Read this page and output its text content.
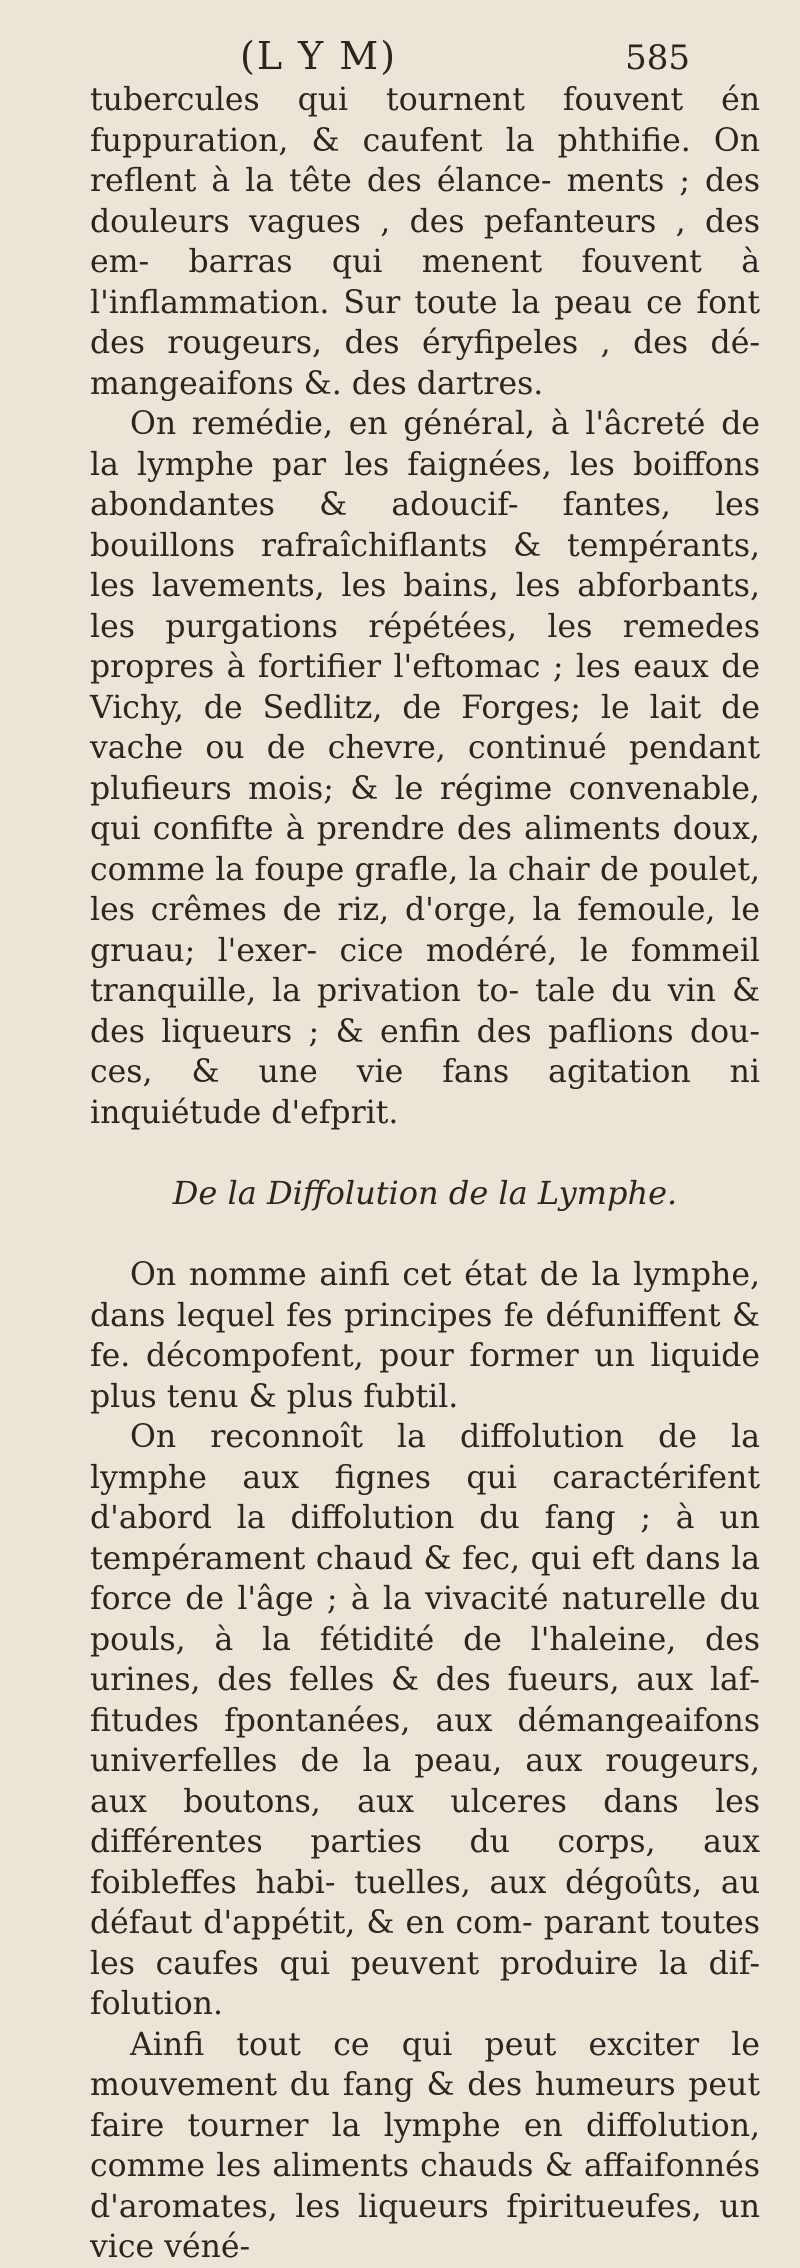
(L Y M)	585

tubercules qui tournent fouvent én fuppuration, & caufent la phthifie. On reflent à la tête des élance- ments ; des douleurs vagues , des pefanteurs , des em- barras qui menent fouvent à l'inflammation. Sur toute la peau ce font des rougeurs, des éryfipeles , des dé- mangeaifons &. des dartres.

On remédie, en général, à l'âcreté de la lymphe par les faignées, les boiffons abondantes & adoucif- fantes, les bouillons rafraîchiflants & tempérants, les lavements, les bains, les abforbants, les purgations répétées, les remedes propres à fortifier l'eftomac ; les eaux de Vichy, de Sedlitz, de Forges; le lait de vache ou de chevre, continué pendant plufieurs mois; & le régime convenable, qui confifte à prendre des aliments doux, comme la foupe grafle, la chair de poulet, les crêmes de riz, d'orge, la femoule, le gruau; l'exer- cice modéré, le fommeil tranquille, la privation to- tale du vin & des liqueurs ; & enfin des paflions dou- ces, & une vie fans agitation ni inquiétude d'efprit.

De la Diffolution de la Lymphe.

On nomme ainfi cet état de la lymphe, dans lequel fes principes fe défuniffent & fe. décompofent, pour former un liquide plus tenu & plus fubtil.

On reconnoît la diffolution de la lymphe aux fignes qui caractérifent d'abord la diffolution du fang ; à un tempérament chaud & fec, qui eft dans la force de l'âge ; à la vivacité naturelle du pouls, à la fétidité de l'haleine, des urines, des felles & des fueurs, aux laf- fitudes fpontanées, aux démangeaifons univerfelles de la peau, aux rougeurs, aux boutons, aux ulceres dans les différentes parties du corps, aux foibleffes habi- tuelles, aux dégoûts, au défaut d'appétit, & en com- parant toutes les caufes qui peuvent produire la dif- folution.

Ainfi tout ce qui peut exciter le mouvement du fang & des humeurs peut faire tourner la lymphe en diffolution, comme les aliments chauds & affaifonnés d'aromates, les liqueurs fpiritueufes, un vice véné-
